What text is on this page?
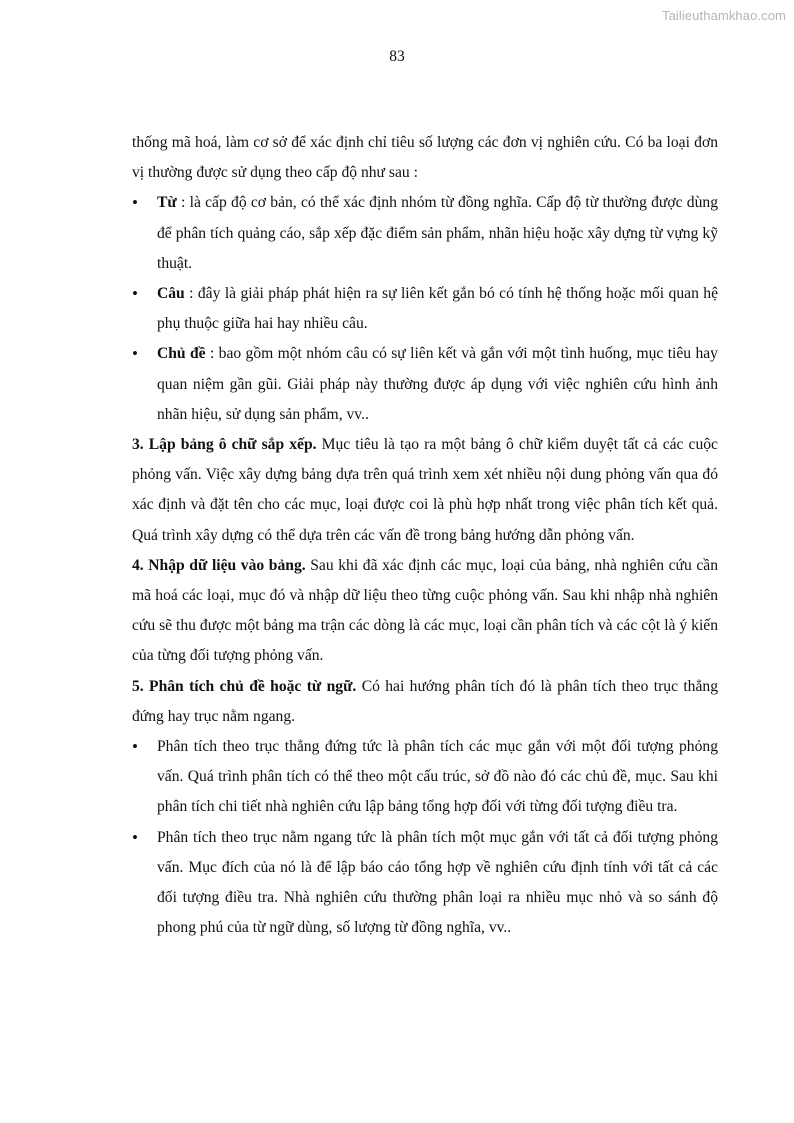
Tailieuthamkhao.com
83

thống mã hoá, làm cơ sở để xác định chỉ tiêu số lượng các đơn vị nghiên cứu. Có ba loại đơn vị thường được sử dụng theo cấp độ như sau :

• Từ : là cấp độ cơ bản, có thể xác định nhóm từ đồng nghĩa. Cấp độ từ thường được dùng để phân tích quảng cáo, sắp xếp đặc điểm sản phẩm, nhãn hiệu hoặc xây dựng từ vựng kỹ thuật.
• Câu : đây là giải pháp phát hiện ra sự liên kết gắn bó có tính hệ thống hoặc mối quan hệ phụ thuộc giữa hai hay nhiều câu.
• Chủ đề : bao gồm một nhóm câu có sự liên kết và gắn với một tình huống, mục tiêu hay quan niệm gần gũi. Giải pháp này thường được áp dụng với việc nghiên cứu hình ảnh nhãn hiệu, sử dụng sản phẩm, vv..

3. Lập bảng ô chữ sắp xếp. Mục tiêu là tạo ra một bảng ô chữ kiểm duyệt tất cả các cuộc phỏng vấn. Việc xây dựng bảng dựa trên quá trình xem xét nhiều nội dung phỏng vấn qua đó xác định và đặt tên cho các mục, loại được coi là phù hợp nhất trong việc phân tích kết quả. Quá trình xây dựng có thể dựa trên các vấn đề trong bảng hướng dẫn phỏng vấn.

4. Nhập dữ liệu vào bảng. Sau khi đã xác định các mục, loại của bảng, nhà nghiên cứu cần mã hoá các loại, mục đó và nhập dữ liệu theo từng cuộc phỏng vấn. Sau khi nhập nhà nghiên cứu sẽ thu được một bảng ma trận các dòng là các mục, loại cần phân tích và các cột là ý kiến của từng đối tượng phỏng vấn.

5. Phân tích chủ đề hoặc từ ngữ. Có hai hướng phân tích đó là phân tích theo trục thẳng đứng hay trục nằm ngang.

• Phân tích theo trục thẳng đứng tức là phân tích các mục gắn với một đối tượng phỏng vấn. Quá trình phân tích có thể theo một cấu trúc, sở đồ nào đó các chủ đề, mục. Sau khi phân tích chi tiết nhà nghiên cứu lập bảng tổng hợp đối với từng đối tượng điều tra.
• Phân tích theo trục nằm ngang tức là phân tích một mục gắn với tất cả đối tượng phỏng vấn. Mục đích của nó là để lập báo cáo tổng hợp về nghiên cứu định tính với tất cả các đối tượng điều tra. Nhà nghiên cứu thường phân loại ra nhiều mục nhỏ và so sánh độ phong phú của từ ngữ dùng, số lượng từ đồng nghĩa, vv..
